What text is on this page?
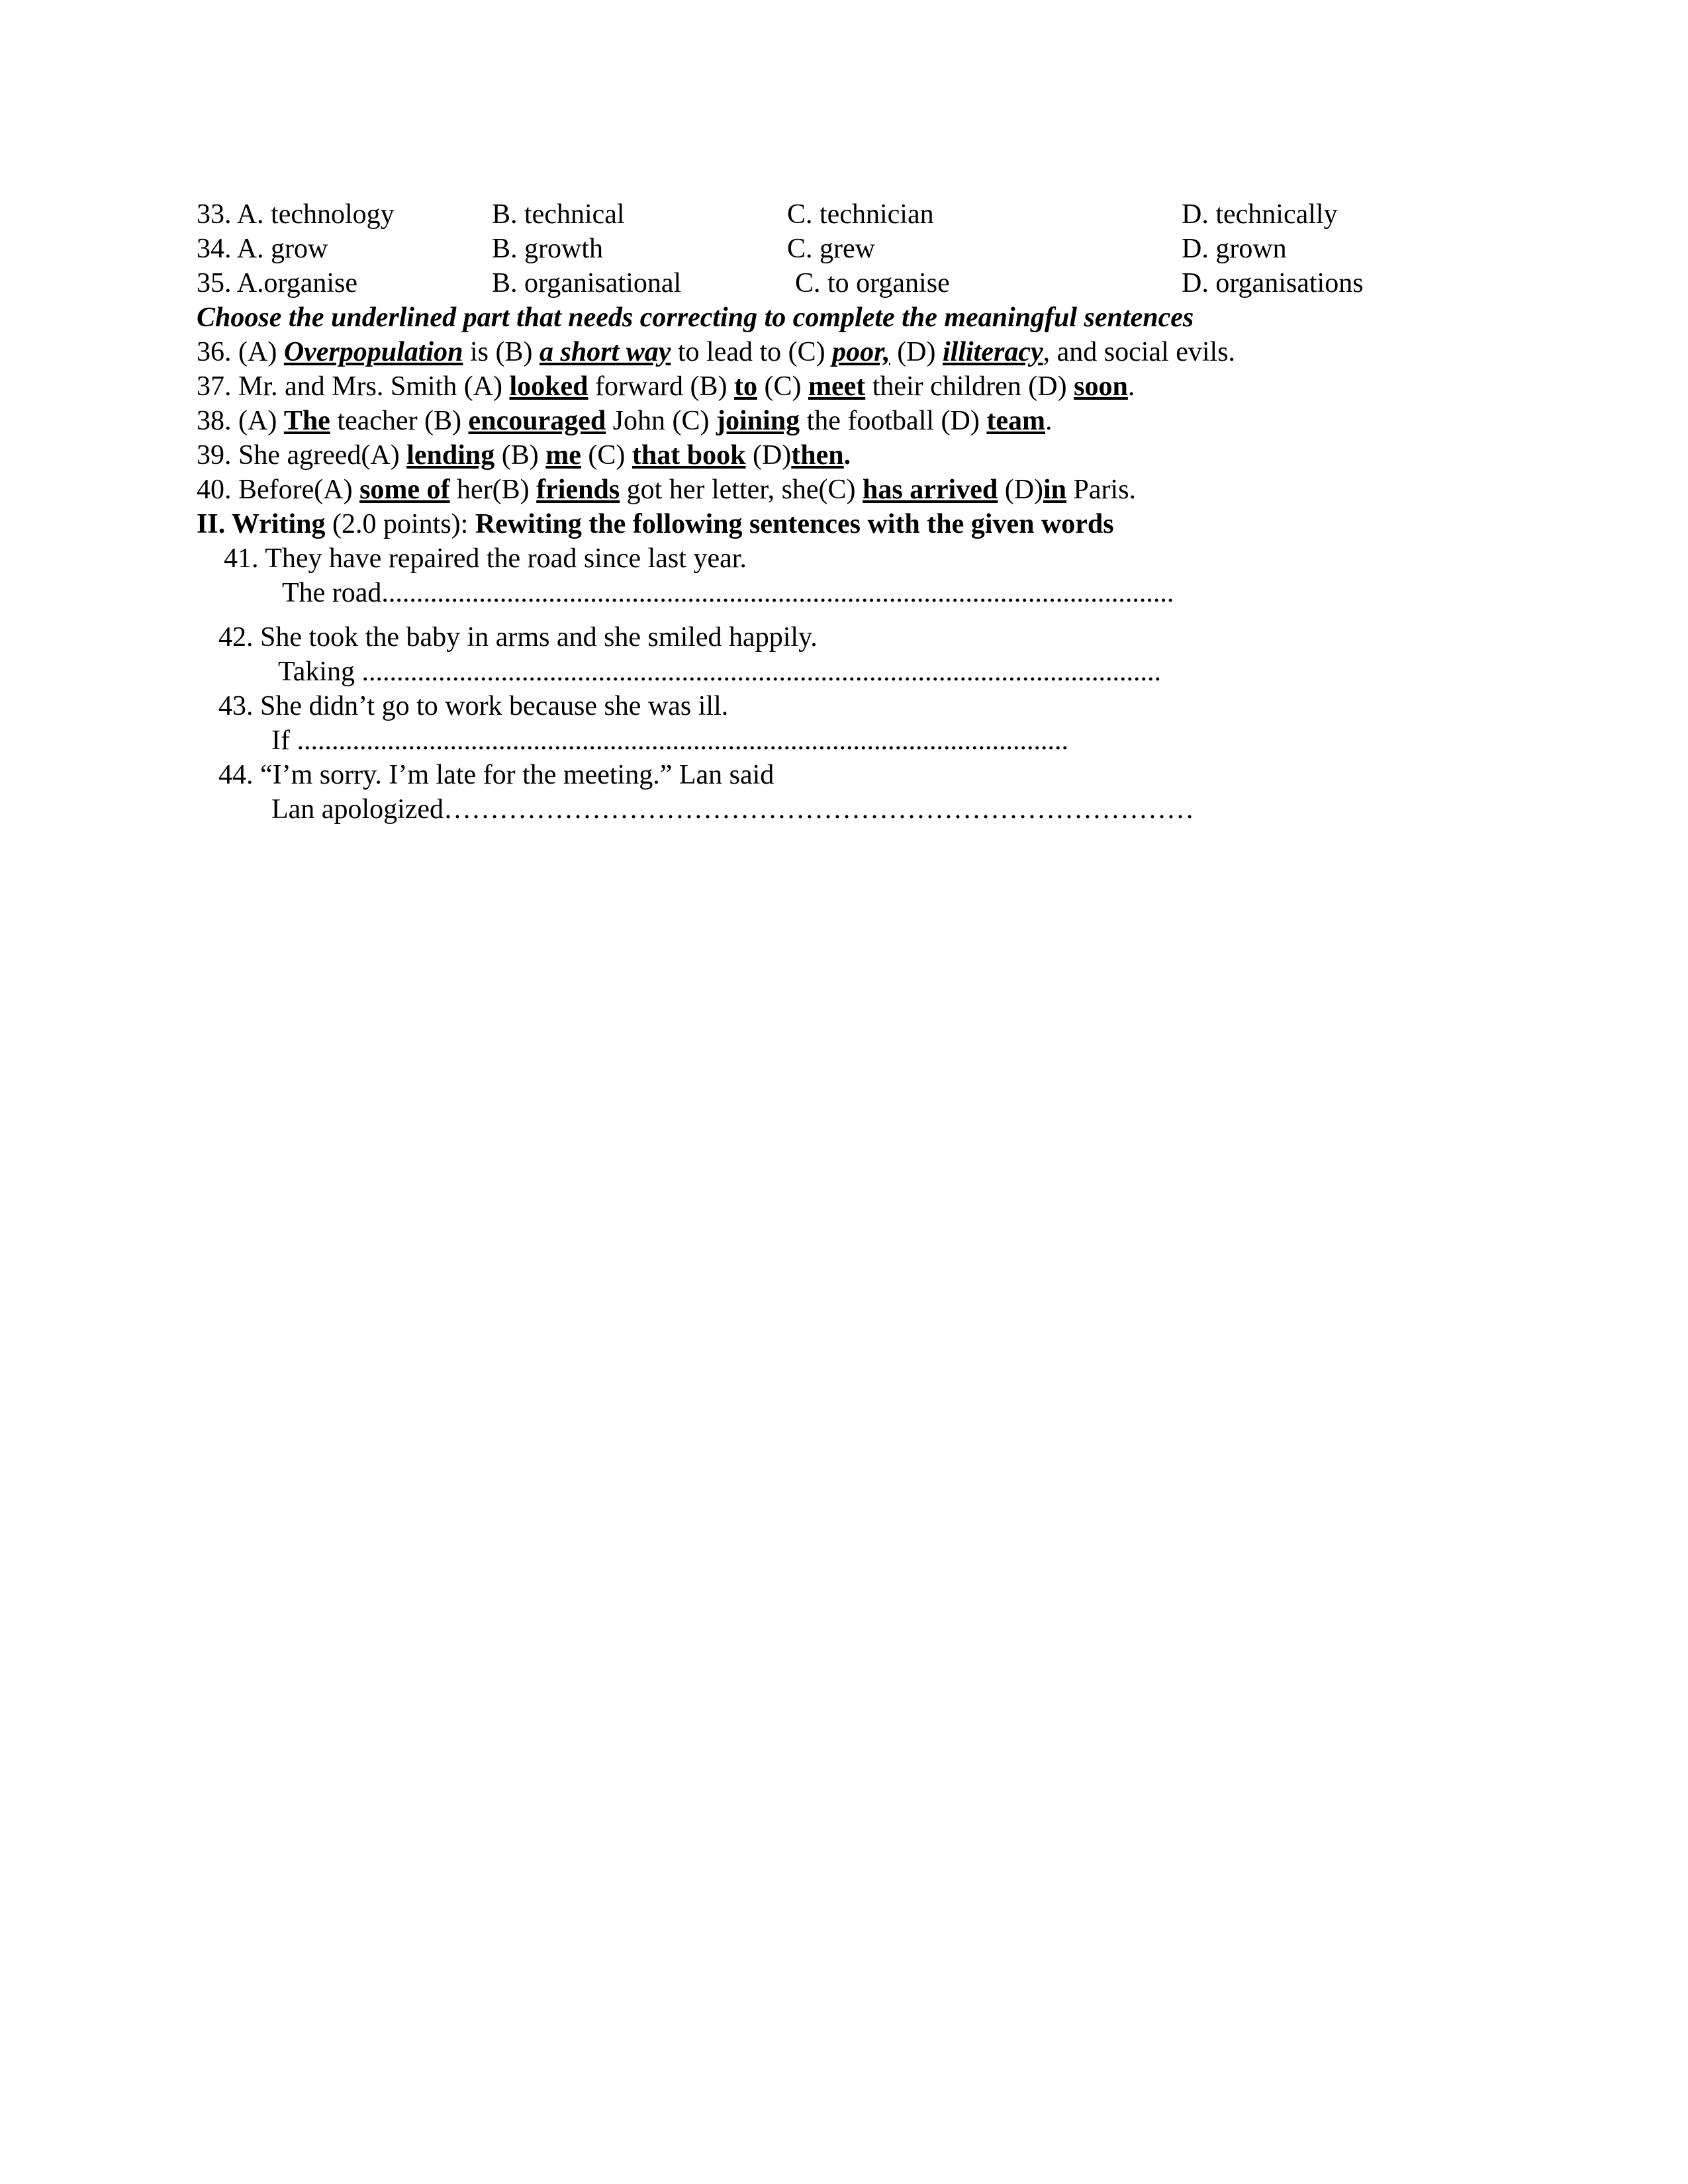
33. A. technology	B. technical	C. technician	D. technically
34. A. grow	B. growth	C. grew	D. grown
35. A.organise	B. organisational	C. to organise	D. organisations
Choose the underlined part that needs correcting to complete the meaningful sentences
36. (A) Overpopulation is (B) a short way to lead to (C) poor, (D) illiteracy, and social evils.
37. Mr. and Mrs. Smith (A) looked forward (B) to (C) meet their children (D) soon.
38. (A) The teacher (B) encouraged John (C) joining the football (D) team.
39. She agreed(A) lending (B) me (C) that book (D)then.
40. Before(A) some of her(B) friends got her letter, she(C) has arrived (D)in Paris.
II. Writing (2.0 points): Rewiting the following sentences with the given words
41. They have repaired the road since last year.
The road..................................................................................................................
42. She took the baby in arms and she smiled happily.
Taking ...................................................................................................................
43. She didn’t go to work because she was ill.
If ...............................................................................................................
44. “I’m sorry. I’m late for the meeting.” Lan said
Lan apologized………………………………………………………………………
